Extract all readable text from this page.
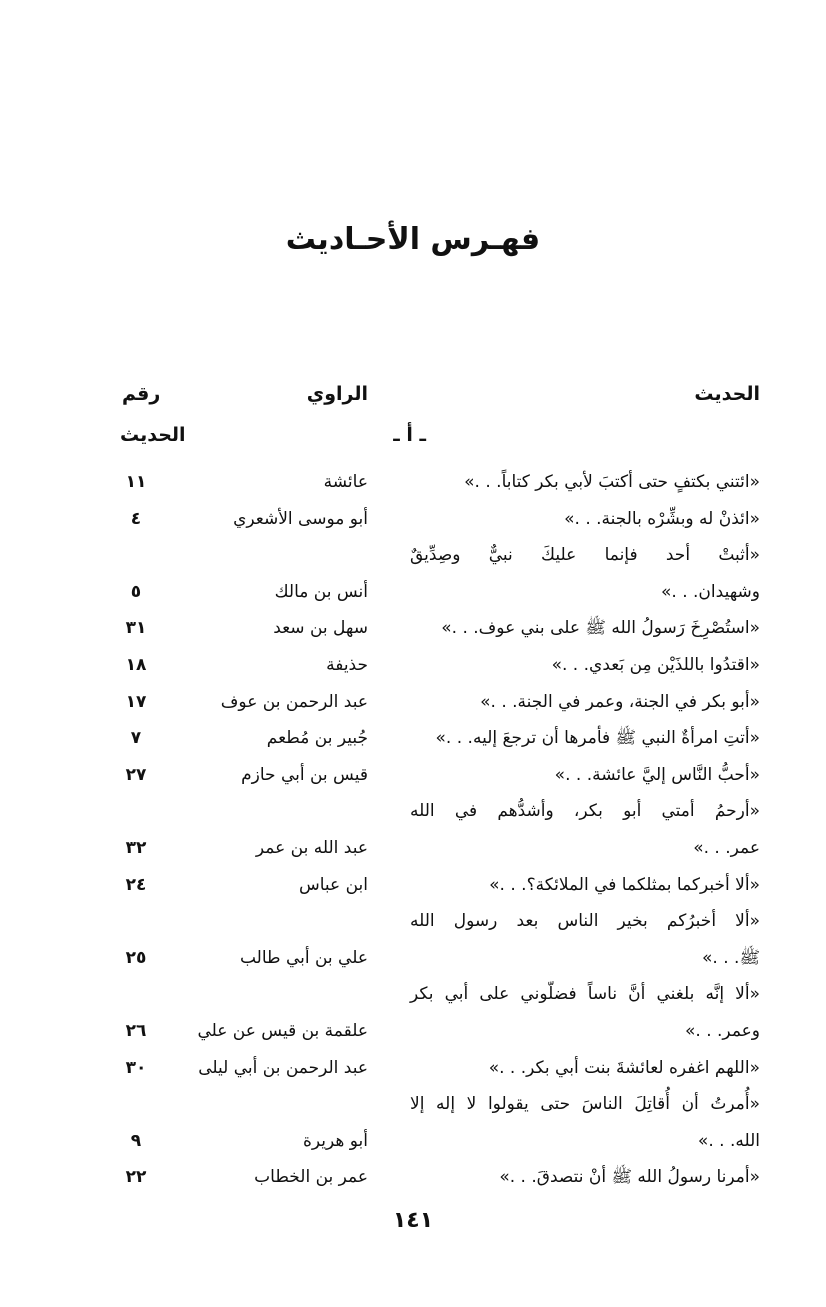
فهـرس الأحـاديث
الحديث
الراوي
رقم
الحديث	ـ أ ـ
«ائتني بكتفٍ حتى أكتبَ لأبي بكر كتاباً. . .»
عائشة
١١
«ائذنْ له وبشِّرْه بالجنة. . .»
أبو موسى الأشعري
٤
«أثبتْ أحد فإنما عليكَ نبيٌّ وصِدِّيقٌ
وشهيدان. . .»
أنس بن مالك
٥
«استُصْرِخَ رَسولُ الله ﷺ على بني عوف. . .»
سهل بن سعد
٣١
«اقتدُوا باللذَيْن مِن بَعدي. . .»
حذيفة
١٨
«أبو بكر في الجنة، وعمر في الجنة. . .»
عبد الرحمن بن عوف
١٧
«أتتِ امرأةٌ النبي ﷺ فأمرها أن ترجعَ إليه. . .»
جُبير بن مُطعم
٧
«أحبُّ النَّاس إليَّ عائشة. . .»
قيس بن أبي حازم
٢٧
«أرحمُ أمتي أبو بكر، وأشدُّهم في الله
عمر. . .»
عبد الله بن عمر
٣٢
«ألا أخبركما بمثلكما في الملائكة؟. . .»
ابن عباس
٢٤
«ألا أخبرُكم بخير الناس بعد رسول الله
ﷺ. . .»
علي بن أبي طالب
٢٥
«ألا إنَّه بلغني أنَّ ناساً فضلّوني على أبي بكر
وعمر. . .»
علقمة بن قيس عن علي
٢٦
«اللهم اغفره لعائشةَ بنت أبي بكر. . .»
عبد الرحمن بن أبي ليلى
٣٠
«أُمرتُ أن أُقاتِلَ الناسَ حتى يقولوا لا إله إلا
الله. . .»
أبو هريرة
٩
«أمرنا رسولُ الله ﷺ أنْ نتصدقَ. . .»
عمر بن الخطاب
٢٢
١٤١
